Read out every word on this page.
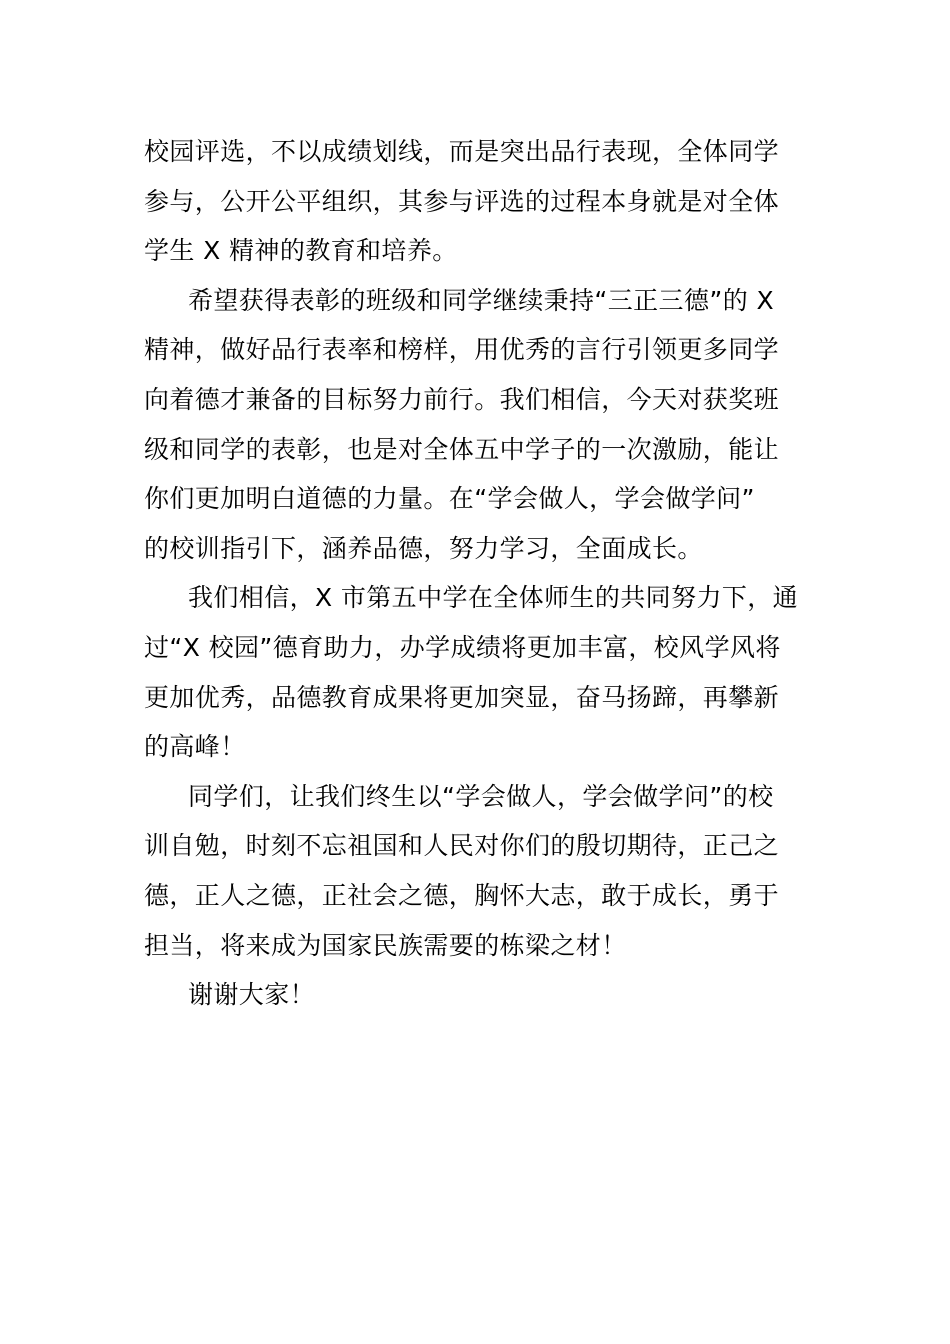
校园评选，不以成绩划线，而是突出品行表现，全体同学
参与，公开公平组织，其参与评选的过程本身就是对全体
学生 X 精神的教育和培养。
希望获得表彰的班级和同学继续秉持“三正三德”的 X
精神，做好品行表率和榜样，用优秀的言行引领更多同学
向着德才兼备的目标努力前行。我们相信，今天对获奖班
级和同学的表彰，也是对全体五中学子的一次激励，能让
你们更加明白道德的力量。在“学会做人，学会做学问”
的校训指引下，涵养品德，努力学习，全面成长。
我们相信，X 市第五中学在全体师生的共同努力下，通
过“X 校园”德育助力，办学成绩将更加丰富，校风学风将
更加优秀，品德教育成果将更加突显，奋马扬蹄，再攀新
的高峰！
同学们，让我们终生以“学会做人，学会做学问”的校
训自勉，时刻不忘祖国和人民对你们的殷切期待，正己之
德，正人之德，正社会之德，胸怀大志，敢于成长，勇于
担当，将来成为国家民族需要的栋梁之材！
谢谢大家！
